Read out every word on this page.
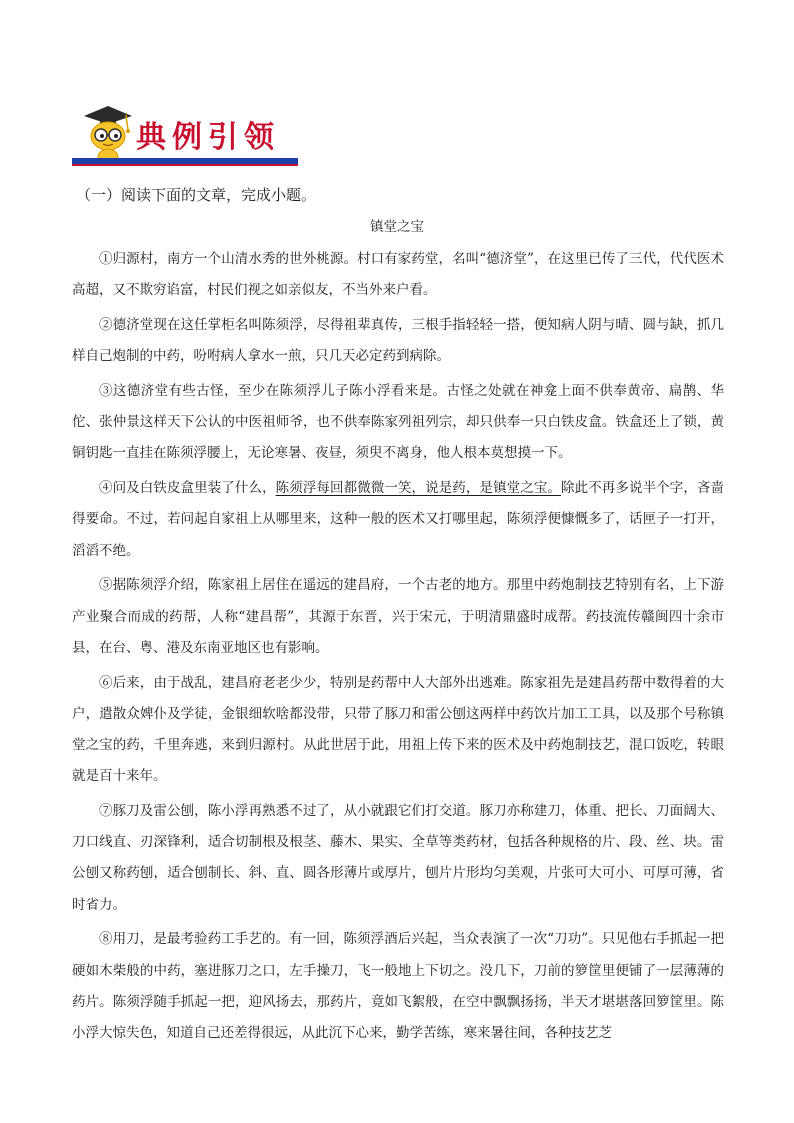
典例引领
（一）阅读下面的文章，完成小题。
镇堂之宝

①归源村，南方一个山清水秀的世外桃源。村口有家药堂，名叫“德济堂”，在这里已传了三代，代代医术高超，又不欺穷谄富，村民们视之如亲似友，不当外来户看。

②德济堂现在这任掌柜名叫陈须浮，尽得祖辈真传，三根手指轻轻一搭，便知病人阴与晴、圆与缺，抓几样自己炮制的中药，吩咐病人拿水一煎，只几天必定药到病除。

③这德济堂有些古怪，至少在陈须浮儿子陈小浮看来是。古怪之处就在神龛上面不供奉黄帝、扁鹊、华佗、张仲景这样天下公认的中医祖师爷，也不供奉陈家列祖列宗，却只供奉一只白铁皮盒。铁盒还上了锁，黄铜钥匙一直挂在陈须浮腰上，无论寒暑、夜昼，须臾不离身，他人根本莫想摸一下。

④问及白铁皮盒里装了什么，陈须浮每回都微微一笑，说是药，是镇堂之宝。除此不再多说半个字，吝啬得要命。不过，若问起自家祖上从哪里来，这种一般的医术又打哪里起，陈须浮便慷慨多了，话匣子一打开，滔滔不绝。

⑤据陈须浮介绍，陈家祖上居住在遥远的建昌府，一个古老的地方。那里中药炮制技艺特别有名，上下游产业聚合而成的药帮，人称“建昌帮”，其源于东晋，兴于宋元，于明清鼎盛时成帮。药技流传赣闽四十余市县，在台、粤、港及东南亚地区也有影响。

⑥后来，由于战乱，建昌府老老少少，特别是药帮中人大部外出逃难。陈家祖先是建昌药帮中数得着的大户，遣散众婢仆及学徒，金银细软啥都没带，只带了豚刀和雷公刨这两样中药饮片加工工具，以及那个号称镇堂之宝的药，千里奔逃，来到归源村。从此世居于此，用祖上传下来的医术及中药炮制技艺，混口饭吃，转眼就是百十来年。

⑦豚刀及雷公刨，陈小浮再熟悉不过了，从小就跟它们打交道。豚刀亦称建刀，体重、把长、刀面阔大、刀口线直、刃深锋利，适合切制根及根茎、藤木、果实、全草等类药材，包括各种规格的片、段、丝、块。雷公刨又称药刨，适合刨制长、斜、直、圆各形薄片或厚片，刨片片形均匀美观，片张可大可小、可厚可薄，省时省力。

⑧用刀，是最考验药工手艺的。有一回，陈须浮酒后兴起，当众表演了一次“刀功”。只见他右手抓起一把硬如木柴般的中药，塞进豚刀之口，左手操刀，飞一般地上下切之。没几下，刀前的箩筐里便铺了一层薄薄的药片。陈须浮随手抓起一把，迎风扬去，那药片，竟如飞絮般，在空中飘飘扬扬，半天才堪堪落回箩筐里。陈小浮大惊失色，知道自己还差得很远，从此沉下心来，勤学苦练，寒来暑往间，各种技艺芝
